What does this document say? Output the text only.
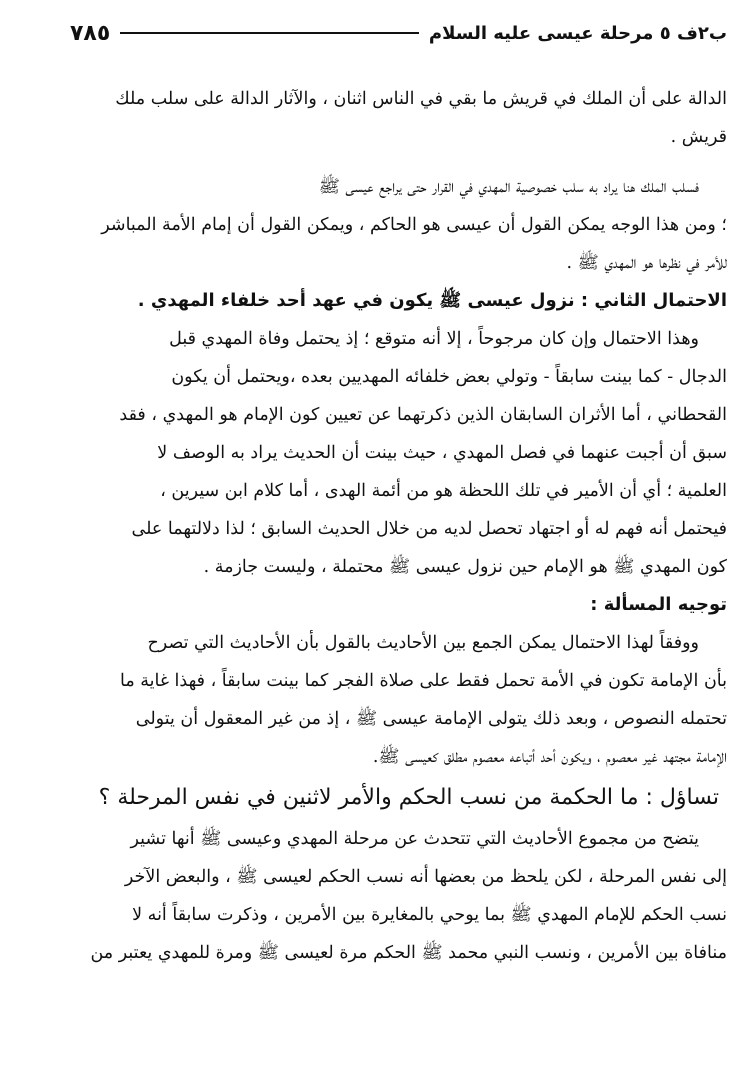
٧٨٥	ب٢ف ٥ مرحلة عيسى عليه السلام
الدالة على أن الملك في قريش ما بقي في الناس اثنان ، والآثار الدالة على سلب ملك
قريش .
فسلب الملك هنا يراد به سلب خصوصية المهدي في القرار حتى يراجع عيسى ﷺ
؛ ومن هذا الوجه يمكن القول أن عيسى هو الحاكم ، ويمكن القول أن إمام الأمة المباشر
للأمر في نظرها هو المهدي ﷺ .
الاحتمال الثاني : نزول عيسى ﷺ يكون في عهد أحد خلفاء المهدي .
وهذا الاحتمال وإن كان مرجوحاً ، إلا أنه متوقع ؛ إذ يحتمل وفاة المهدي قبل
الدجال - كما بينت سابقاً - وتولي بعض خلفائه المهديين بعده ،ويحتمل أن يكون
القحطاني ، أما الأثران السابقان الذين ذكرتهما عن تعيين كون الإمام هو المهدي ، فقد
سبق أن أجبت عنهما في فصل المهدي ، حيث بينت أن الحديث يراد به الوصف لا
العلمية ؛ أي أن الأمير في تلك اللحظة هو من أئمة الهدى ، أما كلام ابن سيرين ،
فيحتمل أنه فهم له أو اجتهاد تحصل لديه من خلال الحديث السابق ؛ لذا دلالتهما على
كون المهدي ﷺ هو الإمام حين نزول عيسى ﷺ محتملة ، وليست جازمة .
توجيه المسألة :
ووفقاً لهذا الاحتمال يمكن الجمع بين الأحاديث بالقول بأن الأحاديث التي تصرح
بأن الإمامة تكون في الأمة تحمل فقط على صلاة الفجر كما بينت سابقاً ، فهذا غاية ما
تحتمله النصوص ، وبعد ذلك يتولى الإمامة عيسى ﷺ ، إذ من غير المعقول أن يتولى
الإمامة مجتهد غير معصوم ، ويكون أحد أتباعه معصوم مطلق كعيسى ﷺ.
تساؤل : ما الحكمة من نسب الحكم والأمر لاثنين في نفس المرحلة ؟
يتضح من مجموع الأحاديث التي تتحدث عن مرحلة المهدي وعيسى ﷺ أنها تشير
إلى نفس المرحلة ، لكن يلحظ من بعضها أنه نسب الحكم لعيسى ﷺ ، والبعض الآخر
نسب الحكم للإمام المهدي ﷺ بما يوحي بالمغايرة بين الأمرين ، وذكرت سابقاً أنه لا
منافاة بين الأمرين ، ونسب النبي محمد ﷺ الحكم مرة لعيسى ﷺ ومرة للمهدي يعتبر من
